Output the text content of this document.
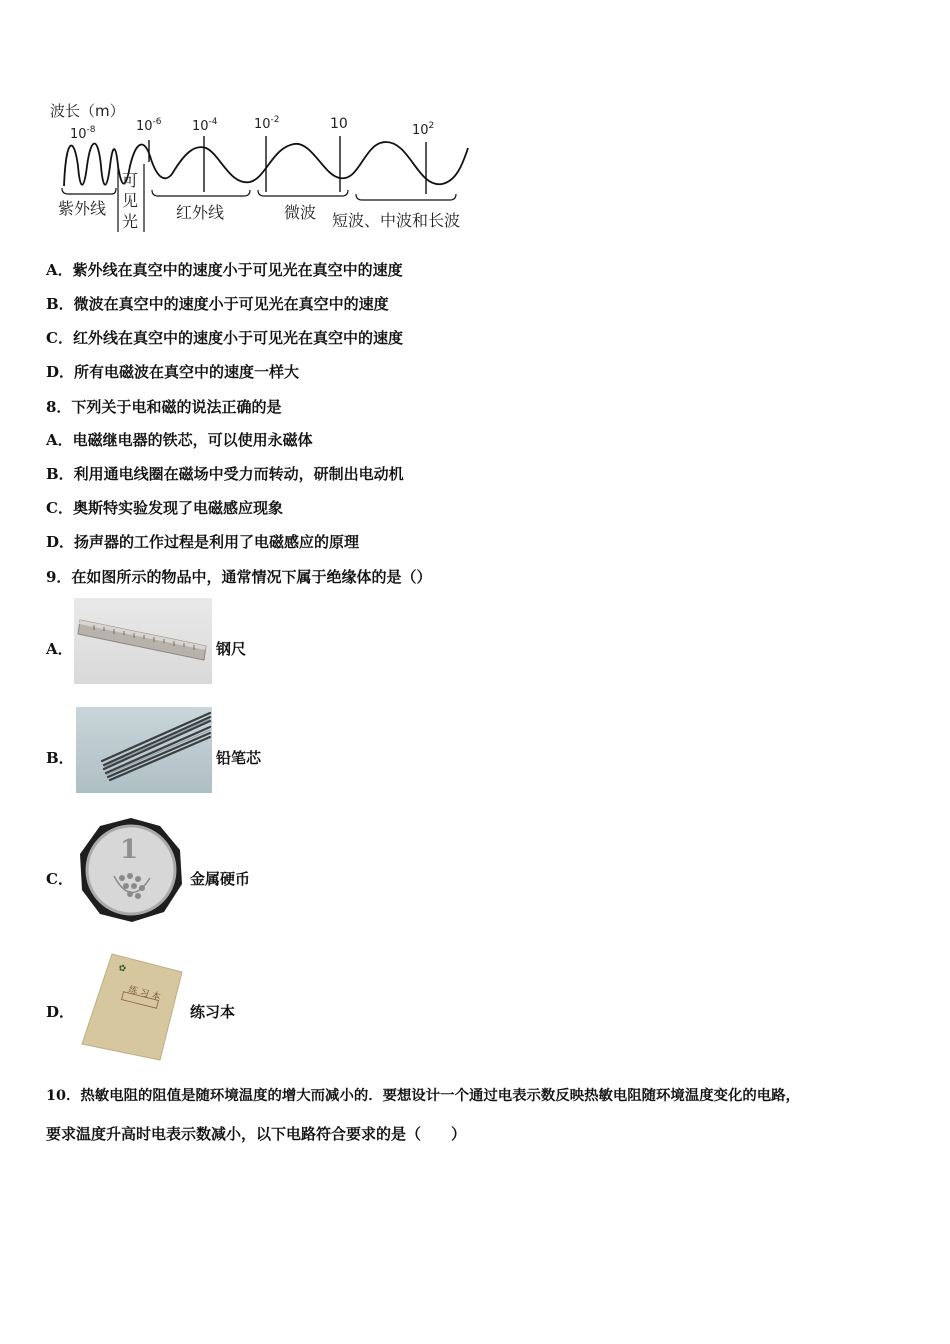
波长（m）
$10^{-8}$	$10^{-6}$ $10^{-4}$	$10^{-2}$	10	$10^2$
紫外线
可
见
光 红外线	微波 短波、中波和长波
A．紫外线在真空中的速度小于可见光在真空中的速度
B．微波在真空中的速度小于可见光在真空中的速度
C．红外线在真空中的速度小于可见光在真空中的速度
D．所有电磁波在真空中的速度一样大
8．下列关于电和磁的说法正确的是
A．电磁继电器的铁芯，可以使用永磁体
B．利用通电线圈在磁场中受力而转动，研制出电动机
C．奥斯特实验发现了电磁感应现象
D．扬声器的工作过程是利用了电磁感应的原理
9．在如图所示的物品中，通常情况下属于绝缘体的是（）
A．	钢尺
B．	铅笔芯
C．
1
金属硬币
D．
✿
练 习 本
练习本
10．热敏电阻的阻值是随环境温度的增大而减小的．要想设计一个通过电表示数反映热敏电阻随环境温度变化的电路，
要求温度升高时电表示数减小，以下电路符合要求的是（　　）
